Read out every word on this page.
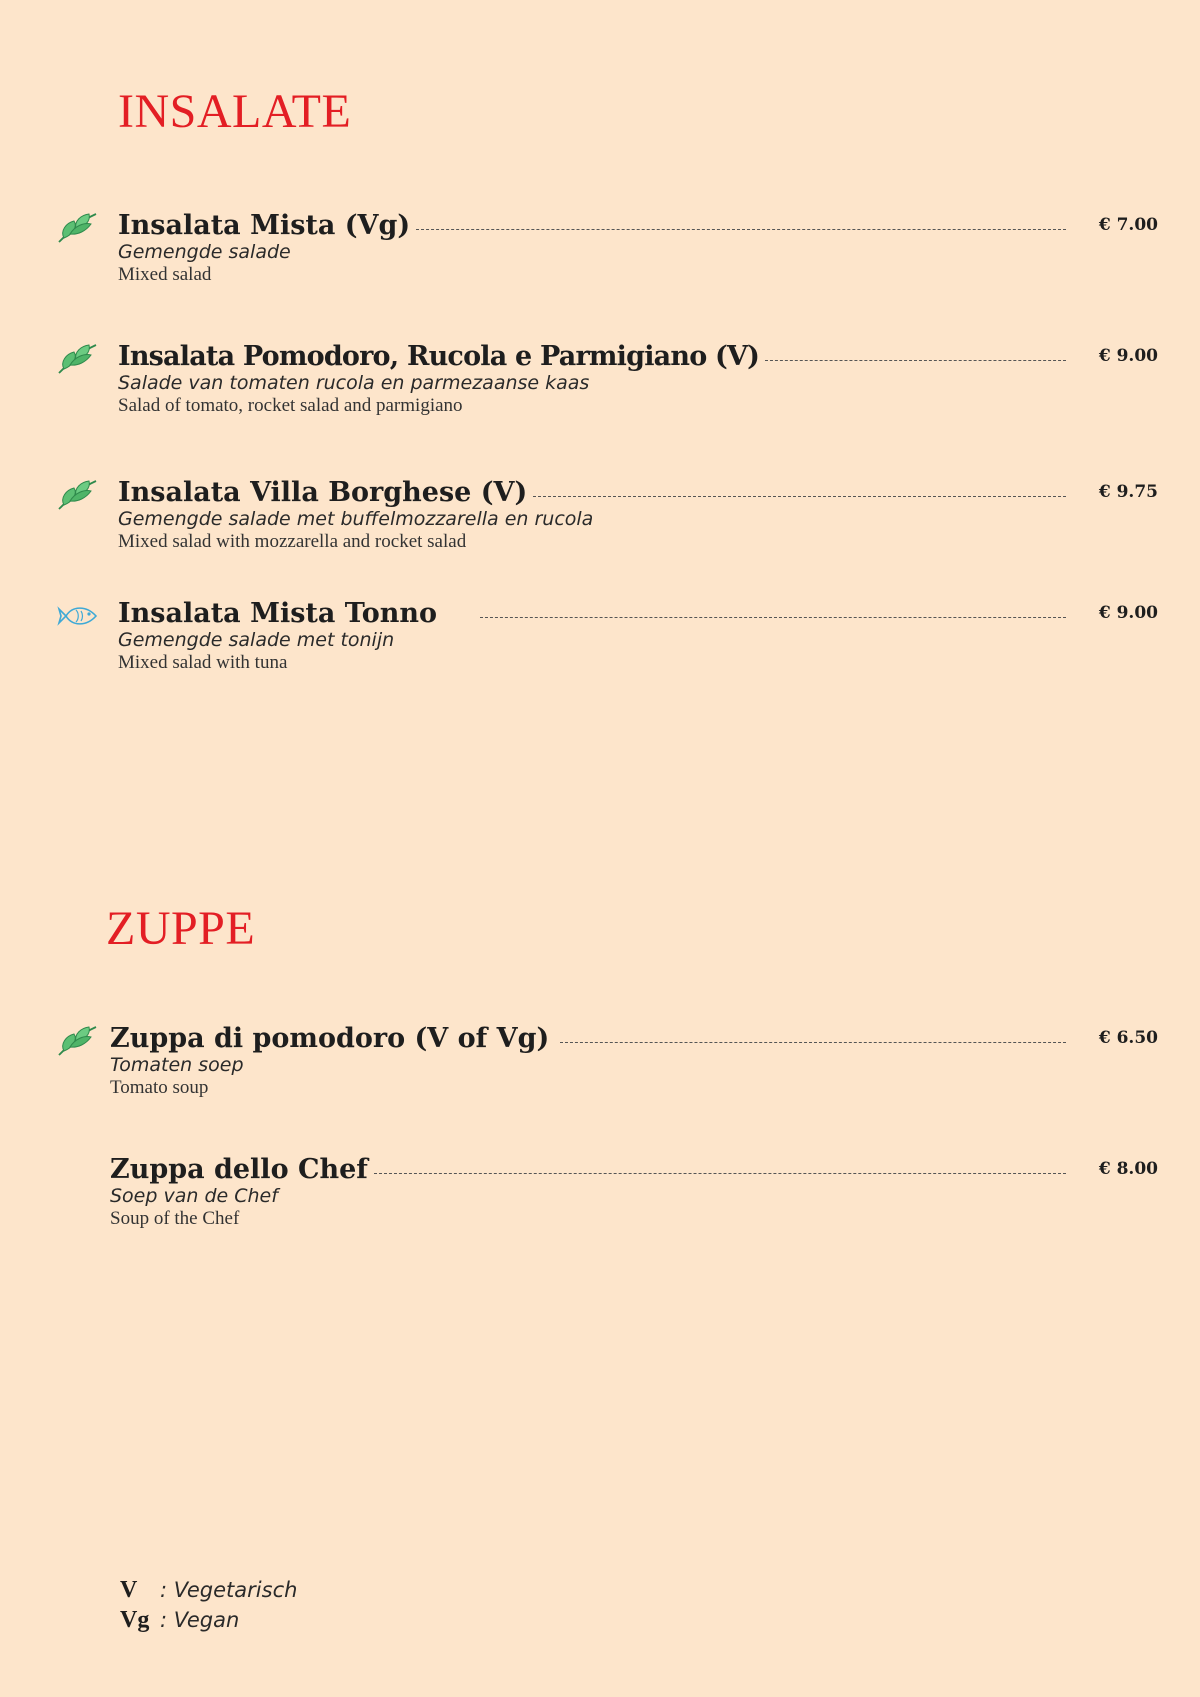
INSALATE
Insalata Mista (Vg)	€ 7.00
Gemengde salade
Mixed salad
Insalata Pomodoro, Rucola e Parmigiano (V)	€ 9.00
Salade van tomaten rucola en parmezaanse kaas
Salad of tomato, rocket salad and parmigiano
Insalata Villa Borghese (V)	€ 9.75
Gemengde salade met buffelmozzarella en rucola
Mixed salad with mozzarella and rocket salad
Insalata Mista Tonno	€ 9.00
Gemengde salade met tonijn
Mixed salad with tuna
ZUPPE
Zuppa di pomodoro (V of Vg)	€ 6.50
Tomaten soep
Tomato soup
Zuppa dello Chef	€ 8.00
Soep van de Chef
Soup of the Chef
V : Vegetarisch
Vg : Vegan
